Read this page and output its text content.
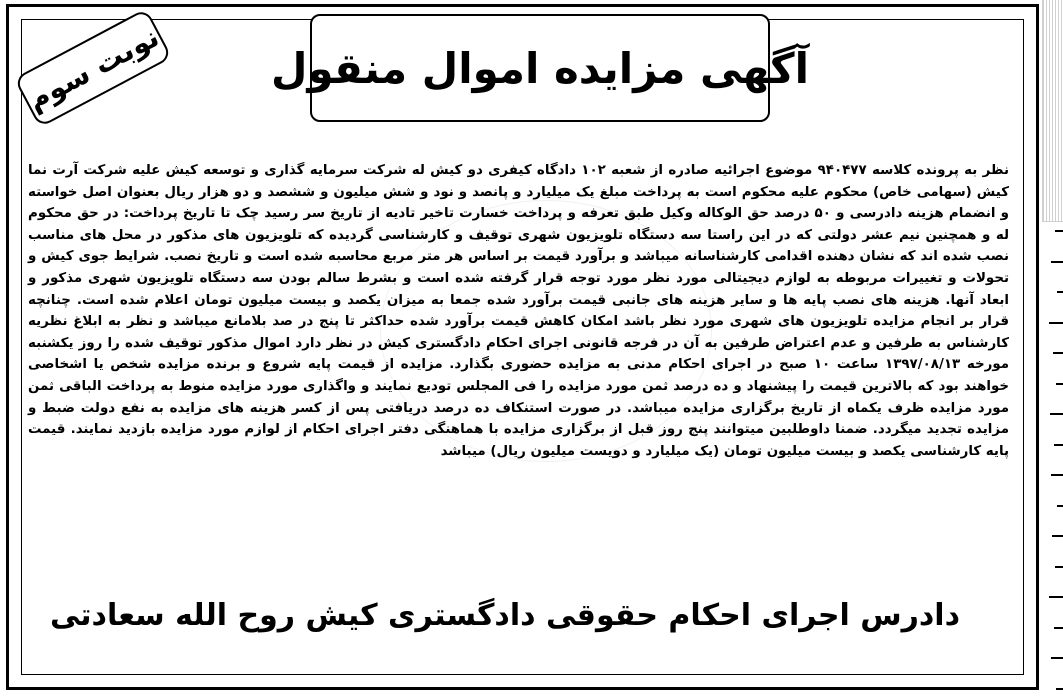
نوبت سوم	آگهی مزایده اموال منقول
نظر به پرونده کلاسه ۹۴۰۴۷۷ موضوع اجرائیه صادره از شعبه ۱۰۲ دادگاه کیفری دو کیش له شرکت سرمایه گذاری و توسعه کیش علیه شرکت آرت نما کیش (سهامی خاص) محکوم علیه محکوم است به پرداخت مبلغ یک میلیارد و پانصد و نود و شش میلیون و ششصد و دو هزار ریال بعنوان اصل خواسته و انضمام هزینه دادرسی و ۵۰ درصد حق الوکاله وکیل طبق تعرفه و پرداخت خسارت تاخیر تادیه از تاریخ سر رسید چک تا تاریخ پرداخت: در حق محکوم له و همچنین نیم عشر دولتی که در این راستا سه دستگاه تلویزیون شهری توقیف و کارشناسی گردیده که تلویزیون های مذکور در محل های مناسب نصب شده اند که نشان دهنده اقدامی کارشناسانه میباشد و برآورد قیمت بر اساس هر متر مربع محاسبه شده است و تاریخ نصب. شرایط جوی کیش و تحولات و تغییرات مربوطه به لوازم دیجیتالی مورد نظر مورد توجه قرار گرفته شده است و بشرط سالم بودن سه دستگاه تلویزیون شهری مذکور و ابعاد آنها. هزینه های نصب پایه ها و سایر هزینه های جانبی قیمت برآورد شده جمعا به میزان یکصد و بیست میلیون تومان اعلام شده است. چنانچه قرار بر انجام مزایده تلویزیون های شهری مورد نظر باشد امکان کاهش قیمت برآورد شده حداکثر تا پنج در صد بلامانع میباشد و نظر به ابلاغ نظریه کارشناس به طرفین و عدم اعتراض طرفین به آن در فرجه قانونی اجرای احکام دادگستری کیش در نظر دارد اموال مذکور توقیف شده را روز یکشنبه مورخه ۱۳۹۷/۰۸/۱۳ ساعت ۱۰ صبح در اجرای احکام مدنی به مزایده حضوری بگذارد. مزایده از قیمت پایه شروع و برنده مزایده شخص یا اشخاصی خواهند بود که بالاترین قیمت را پیشنهاد و ده درصد ثمن مورد مزایده را فی المجلس تودیع نمایند و واگذاری مورد مزایده منوط به پرداخت الباقی ثمن مورد مزایده ظرف یکماه از تاریخ برگزاری مزایده میباشد. در صورت استنکاف ده درصد دریافتی پس از کسر هزینه های مزایده به نفع دولت ضبط و مزایده تجدید میگردد. ضمنا داوطلبین میتوانند پنج روز قبل از برگزاری مزایده با هماهنگی دفتر اجرای احکام از لوازم مورد مزایده بازدید نمایند. قیمت پایه کارشناسی یکصد و بیست میلیون تومان (یک میلیارد و دویست میلیون ریال) میباشد
دادرس اجرای احکام حقوقی دادگستری کیش روح الله سعادتی
